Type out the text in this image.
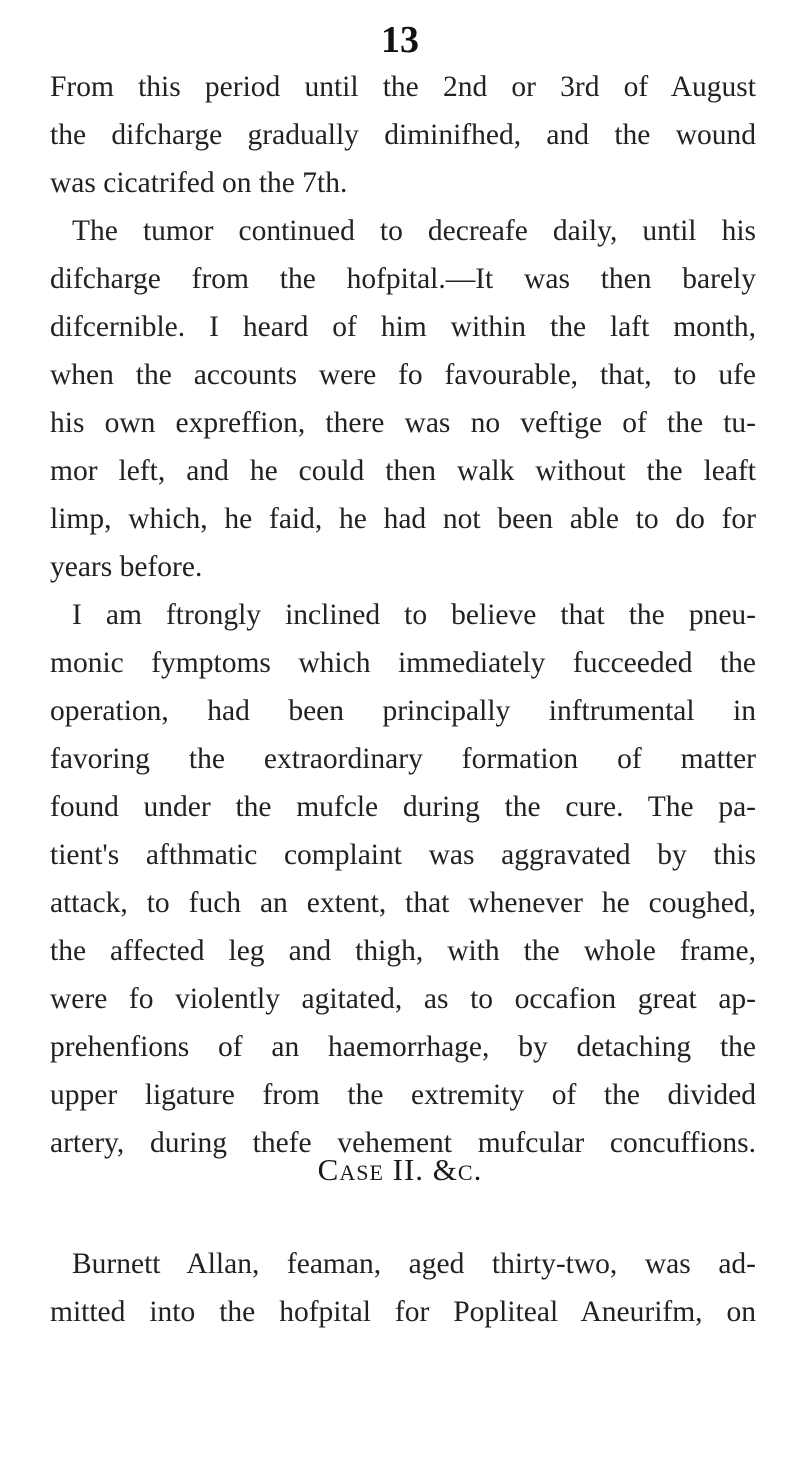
13
From this period until the 2nd or 3rd of August
the difcharge gradually diminifhed, and the wound
was cicatrifed on the 7th.
The tumor continued to decreafe daily, until his
difcharge from the hofpital.—It was then barely
difcernible. I heard of him within the laft month,
when the accounts were fo favourable, that, to ufe
his own expreffion, there was no veftige of the tu-
mor left, and he could then walk without the leaft
limp, which, he faid, he had not been able to do for
years before.
I am ftrongly inclined to believe that the pneu-
monic fymptoms which immediately fucceeded the
operation, had been principally inftrumental in
favoring the extraordinary formation of matter
found under the mufcle during the cure. The pa-
tient's afthmatic complaint was aggravated by this
attack, to fuch an extent, that whenever he coughed,
the affected leg and thigh, with the whole frame,
were fo violently agitated, as to occafion great ap-
prehenfions of an haemorrhage, by detaching the
upper ligature from the extremity of the divided
artery, during thefe vehement mufcular concuffions.
Case II. &c.
Burnett Allan, feaman, aged thirty-two, was ad-
mitted into the hofpital for Popliteal Aneurifm, on
